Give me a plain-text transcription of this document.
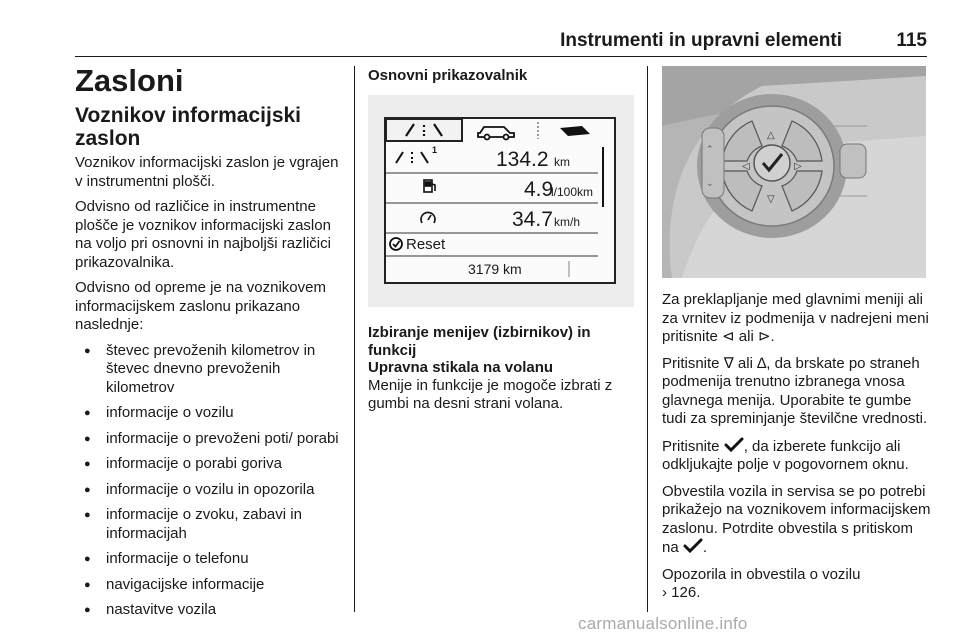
Instrumenti in upravni elementi	115
Zasloni
Voznikov informacijski zaslon
Voznikov informacijski zaslon je vgrajen v instrumentni plošči.
Odvisno od različice in instrumentne plošče je voznikov informacijski zaslon na voljo pri osnovni in najboljši različici prikazovalnika.
Odvisno od opreme je na voznikovem informacijskem zaslonu prikazano naslednje:
● števec prevoženih kilometrov in števec dnevno prevoženih kilometrov
● informacije o vozilu
● informacije o prevoženi poti/ porabi
● informacije o porabi goriva
● informacije o vozilu in opozorila
● informacije o zvoku, zabavi in informacijah
● informacije o telefonu
● navigacijske informacije
● nastavitve vozila
Osnovni prikazovalnik
1	134.2 km
4.9
l/100km
34.7 km/h
Reset
3179 km
Izbiranje menijev (izbirnikov) in funkcij
Upravna stikala na volanu
Menije in funkcije je mogoče izbrati z gumbi na desni strani volana.
◁	▷
△
▽
⌃
⌄
Za preklapljanje med glavnimi meniji ali za vrnitev iz podmenija v nadrejeni meni pritisnite ⊲ ali ⊳.
Pritisnite ∇ ali ∆, da brskate po straneh podmenija trenutno izbranega vnosa glavnega menija. Uporabite te gumbe tudi za spreminjanje številčne vrednosti.
Pritisnite , da izberete funkcijo ali odkljukajte polje v pogovornem oknu.
Obvestila vozila in servisa se po potrebi prikažejo na voznikovem informacijskem zaslonu. Potrdite obvestila s pritiskom na .
Opozorila in obvestila o vozilu
› 126.
carmanualsonline.info
